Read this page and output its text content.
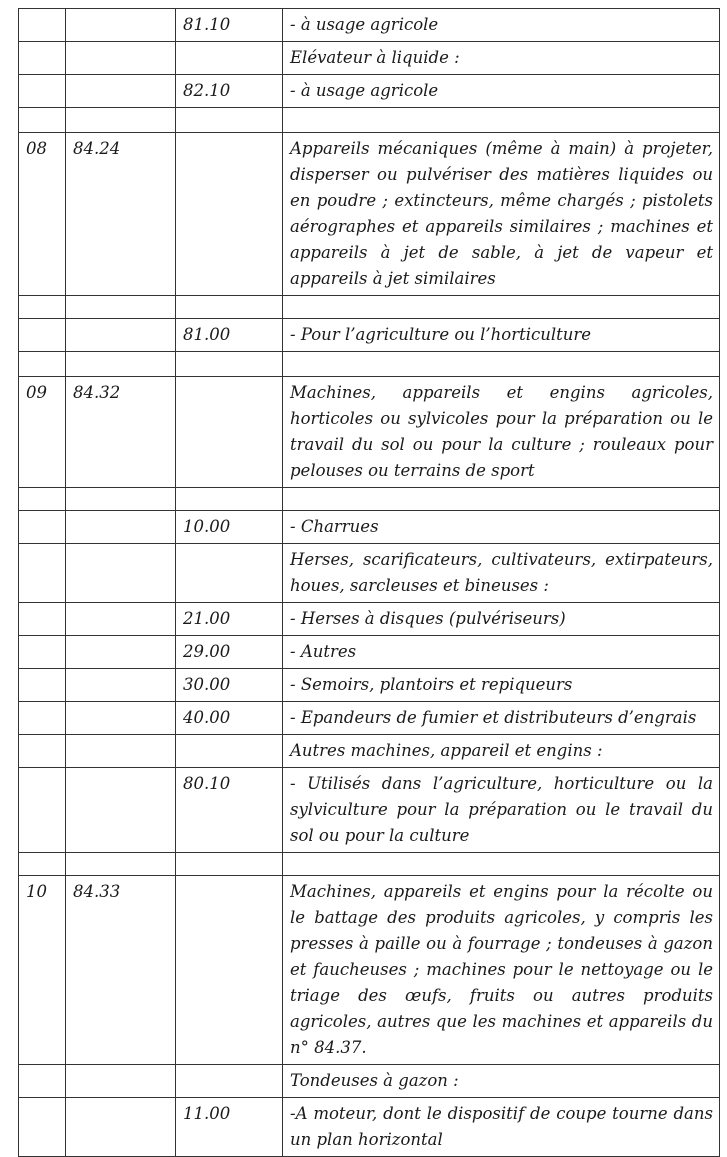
		81.10	- à usage agricole
			Elévateur à liquide :
		82.10	- à usage agricole

08	84.24		Appareils mécaniques (même à main) à projeter, disperser ou pulvériser des matières liquides ou en poudre ; extincteurs, même chargés ; pistolets aérographes et appareils similaires ; machines et appareils à jet de sable, à jet de vapeur et appareils à jet similaires

		81.00	- Pour l’agriculture ou l’horticulture

09	84.32		Machines, appareils et engins agricoles, horticoles ou sylvicoles pour la préparation ou le travail du sol ou pour la culture ; rouleaux pour pelouses ou terrains de sport

		10.00	- Charrues
			Herses, scarificateurs, cultivateurs, extirpateurs, houes, sarcleuses et bineuses :
		21.00	- Herses à disques (pulvériseurs)
		29.00	- Autres
		30.00	- Semoirs, plantoirs et repiqueurs
		40.00	- Epandeurs de fumier et distributeurs d’engrais
			Autres machines, appareil et engins :
		80.10	- Utilisés dans l’agriculture, horticulture ou la sylviculture pour la préparation ou le travail du sol ou pour la culture

10	84.33		Machines, appareils et engins pour la récolte ou le battage des produits agricoles, y compris les presses à paille ou à fourrage ; tondeuses à gazon et faucheuses ; machines pour le nettoyage ou le triage des œufs, fruits ou autres produits agricoles, autres que les machines et appareils du n° 84.37.
			Tondeuses à gazon :
		11.00	-A moteur, dont le dispositif de coupe tourne dans un plan horizontal
